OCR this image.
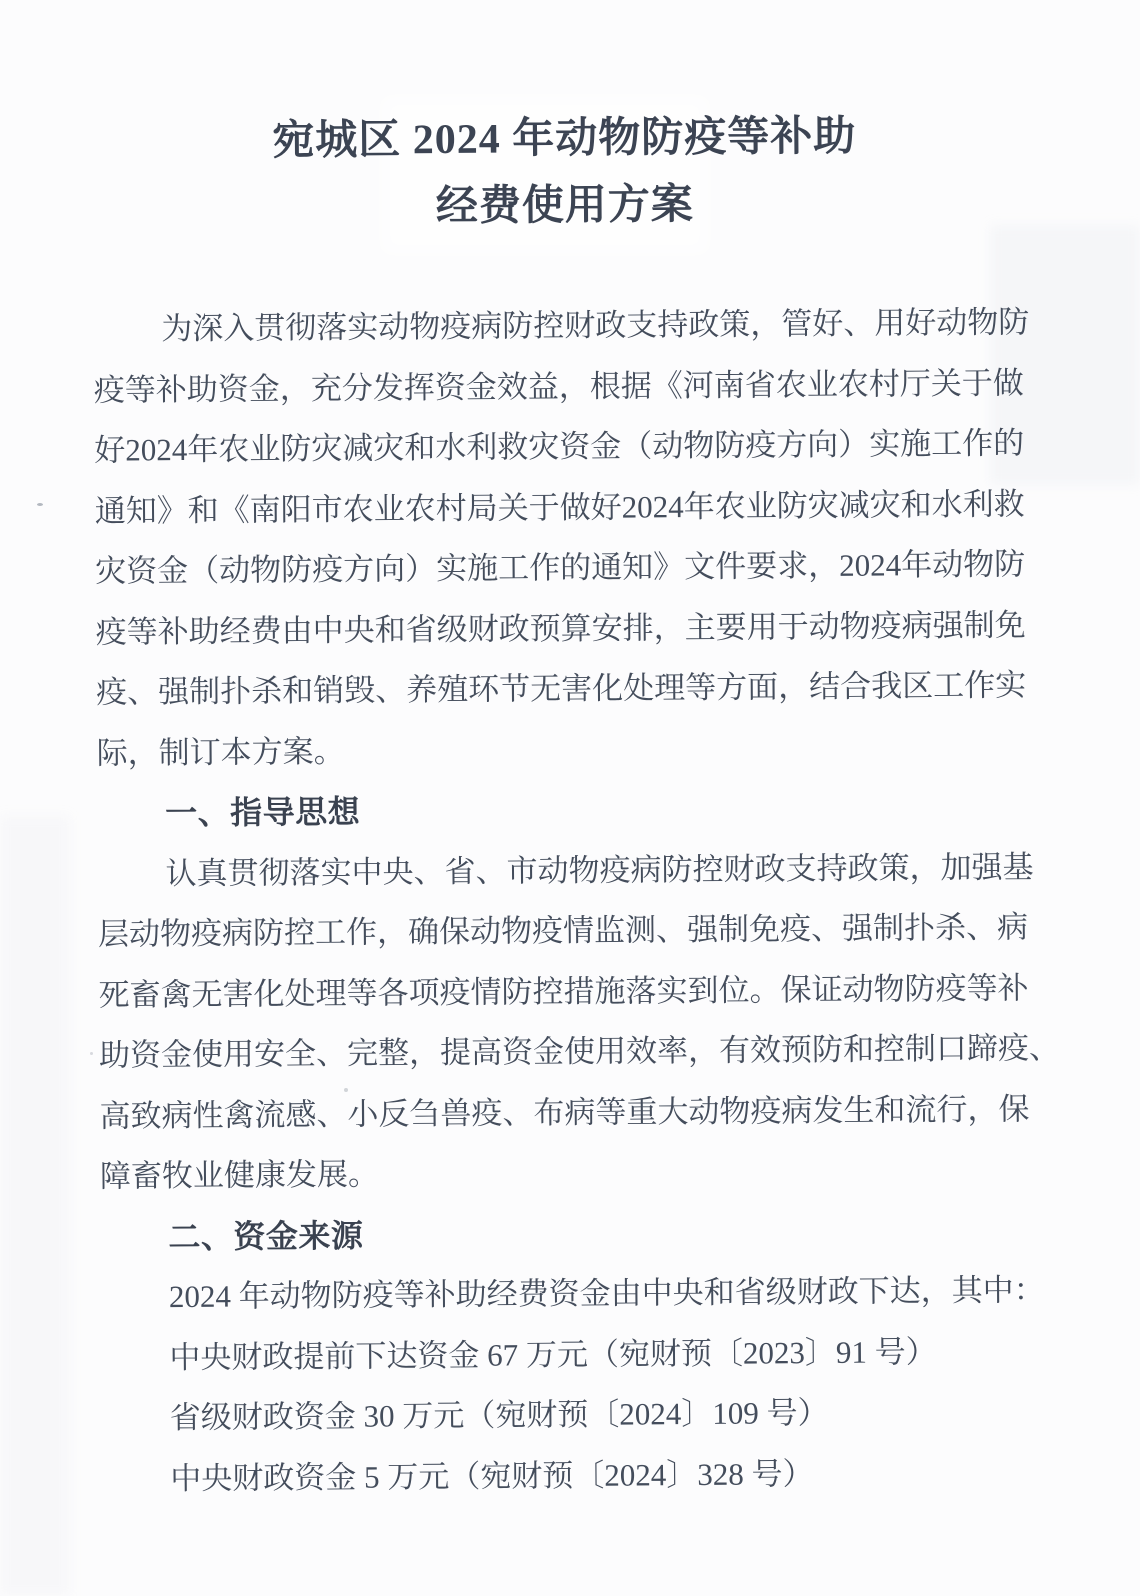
宛城区 2024 年动物防疫等补助
经费使用方案
为深入贯彻落实动物疫病防控财政支持政策，管好、用好动物防
疫等补助资金，充分发挥资金效益，根据《河南省农业农村厅关于做
好2024年农业防灾减灾和水利救灾资金（动物防疫方向）实施工作的
通知》和《南阳市农业农村局关于做好2024年农业防灾减灾和水利救
灾资金（动物防疫方向）实施工作的通知》文件要求，2024年动物防
疫等补助经费由中央和省级财政预算安排，主要用于动物疫病强制免
疫、强制扑杀和销毁、养殖环节无害化处理等方面，结合我区工作实
际，制订本方案。
一、指导思想
认真贯彻落实中央、省、市动物疫病防控财政支持政策，加强基
层动物疫病防控工作，确保动物疫情监测、强制免疫、强制扑杀、病
死畜禽无害化处理等各项疫情防控措施落实到位。保证动物防疫等补
助资金使用安全、完整，提高资金使用效率，有效预防和控制口蹄疫、
高致病性禽流感、小反刍兽疫、布病等重大动物疫病发生和流行，保
障畜牧业健康发展。
二、资金来源
2024 年动物防疫等补助经费资金由中央和省级财政下达，其中：
中央财政提前下达资金 67 万元（宛财预〔2023〕91 号）
省级财政资金 30 万元（宛财预〔2024〕109 号）
中央财政资金 5 万元（宛财预〔2024〕328 号）
